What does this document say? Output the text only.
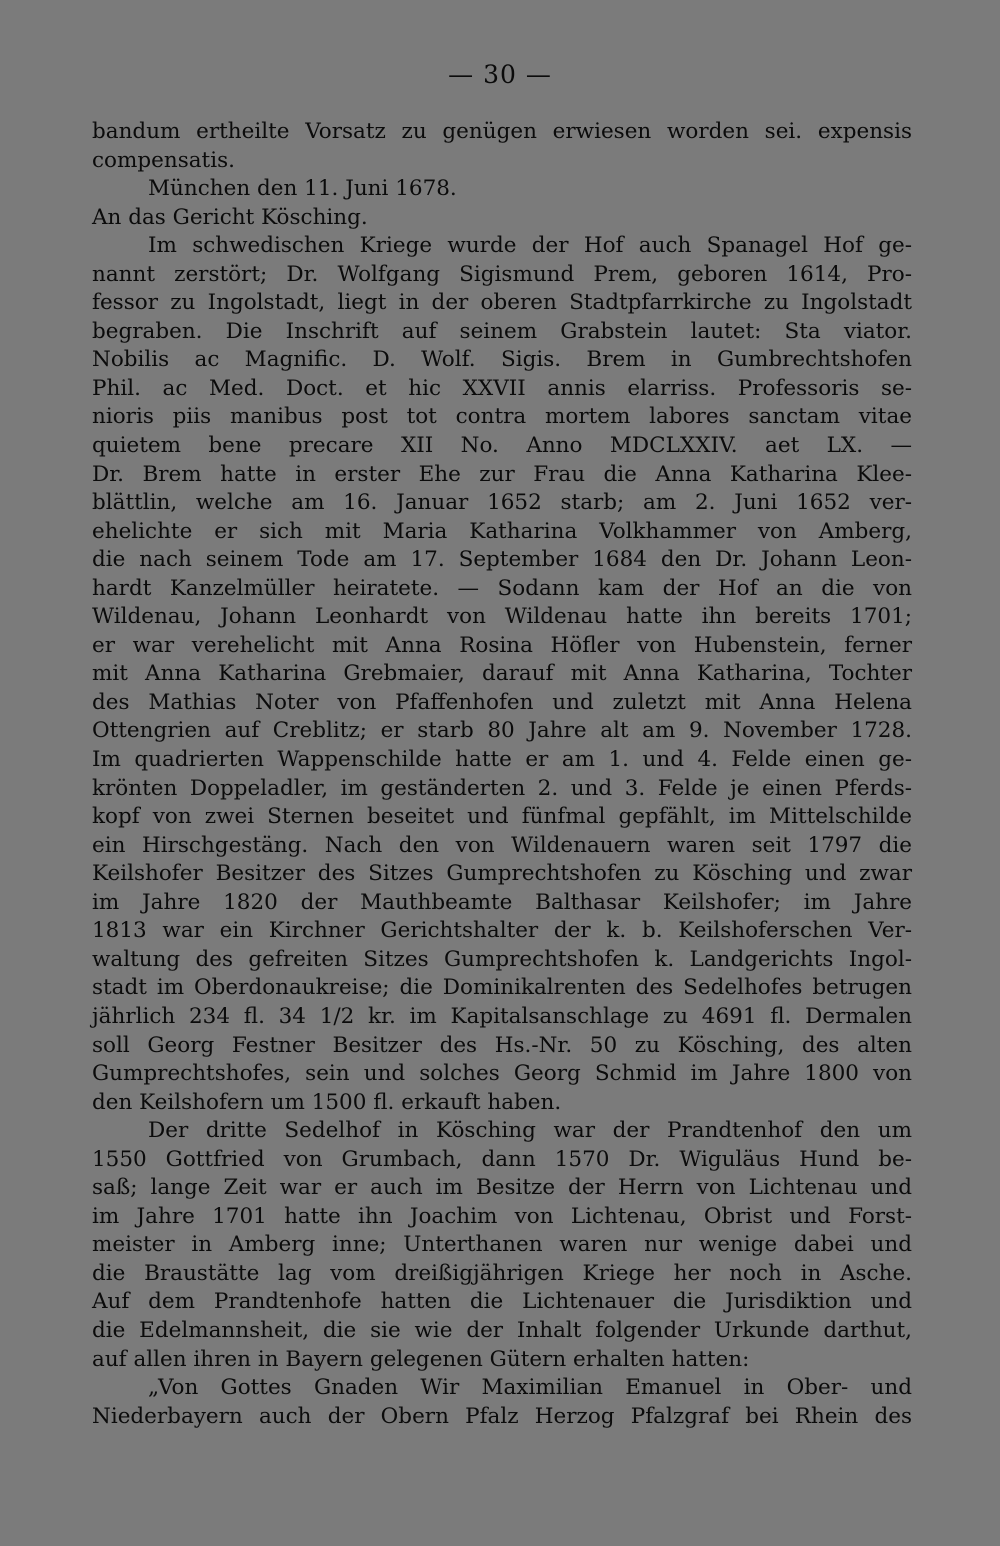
— 30 —
bandum ertheilte Vorsatz zu genügen erwiesen worden sei. expensis
compensatis.
München den 11. Juni 1678.
An das Gericht Kösching.
Im schwedischen Kriege wurde der Hof auch Spanagel Hof ge-
nannt zerstört; Dr. Wolfgang Sigismund Prem, geboren 1614, Pro-
fessor zu Ingolstadt, liegt in der oberen Stadtpfarrkirche zu Ingolstadt
begraben. Die Inschrift auf seinem Grabstein lautet: Sta viator.
Nobilis ac Magnific. D. Wolf. Sigis. Brem in Gumbrechtshofen
Phil. ac Med. Doct. et hic XXVII annis elarriss. Professoris se-
nioris piis manibus post tot contra mortem labores sanctam vitae
quietem bene precare XII No. Anno MDCLXXIV. aet LX. —
Dr. Brem hatte in erster Ehe zur Frau die Anna Katharina Klee-
blättlin, welche am 16. Januar 1652 starb; am 2. Juni 1652 ver-
ehelichte er sich mit Maria Katharina Volkhammer von Amberg,
die nach seinem Tode am 17. September 1684 den Dr. Johann Leon-
hardt Kanzelmüller heiratete. — Sodann kam der Hof an die von
Wildenau, Johann Leonhardt von Wildenau hatte ihn bereits 1701;
er war verehelicht mit Anna Rosina Höfler von Hubenstein, ferner
mit Anna Katharina Grebmaier, darauf mit Anna Katharina, Tochter
des Mathias Noter von Pfaffenhofen und zuletzt mit Anna Helena
Ottengrien auf Creblitz; er starb 80 Jahre alt am 9. November 1728.
Im quadrierten Wappenschilde hatte er am 1. und 4. Felde einen ge-
krönten Doppeladler, im geständerten 2. und 3. Felde je einen Pferds-
kopf von zwei Sternen beseitet und fünfmal gepfählt, im Mittelschilde
ein Hirschgestäng. Nach den von Wildenauern waren seit 1797 die
Keilshofer Besitzer des Sitzes Gumprechtshofen zu Kösching und zwar
im Jahre 1820 der Mauthbeamte Balthasar Keilshofer; im Jahre
1813 war ein Kirchner Gerichtshalter der k. b. Keilshoferschen Ver-
waltung des gefreiten Sitzes Gumprechtshofen k. Landgerichts Ingol-
stadt im Oberdonaukreise; die Dominikalrenten des Sedelhofes betrugen
jährlich 234 fl. 34 1/2 kr. im Kapitalsanschlage zu 4691 fl. Dermalen
soll Georg Festner Besitzer des Hs.-Nr. 50 zu Kösching, des alten
Gumprechtshofes, sein und solches Georg Schmid im Jahre 1800 von
den Keilshofern um 1500 fl. erkauft haben.
Der dritte Sedelhof in Kösching war der Prandtenhof den um
1550 Gottfried von Grumbach, dann 1570 Dr. Wiguläus Hund be-
saß; lange Zeit war er auch im Besitze der Herrn von Lichtenau und
im Jahre 1701 hatte ihn Joachim von Lichtenau, Obrist und Forst-
meister in Amberg inne; Unterthanen waren nur wenige dabei und
die Braustätte lag vom dreißigjährigen Kriege her noch in Asche.
Auf dem Prandtenhofe hatten die Lichtenauer die Jurisdiktion und
die Edelmannsheit, die sie wie der Inhalt folgender Urkunde darthut,
auf allen ihren in Bayern gelegenen Gütern erhalten hatten:
„Von Gottes Gnaden Wir Maximilian Emanuel in Ober- und
Niederbayern auch der Obern Pfalz Herzog Pfalzgraf bei Rhein des
